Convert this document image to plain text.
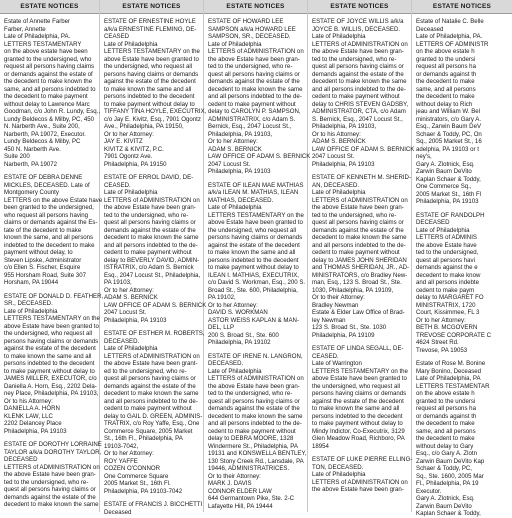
ESTATE NOTICES
Estate of Annette Farber
Farber, Annette
Late of Philadelphia, PA.
LETTERS TESTAMENTARY
on the above estate have been
granted to the undersigned, who
request all persons having claims
or demands against the estate of
the decedent to make known the
same, and all persons indebted to
the decedent to make payment
without delay to Lawrence Marc
Goodman, c/o John R. Lundy, Esq.,
Lundy Beldecos & Milby, PC, 450
N. Narberth Ave., Suite 200,
Narberth, PA 19072, Executor.
Lundy Beldecos & Milby, PC
450 N. Narberth Ave.
Suite 200
Narberth, PA 19072
ESTATE OF DEBRA DENNE
MICKLES, DECEASED. Late of
Montgomery County
LETTERS on the above Estate have
been granted to the undersigned,
who request all persons having
claims or demands against the Es-
tate of the decedent to make
known the same, and all persons
indebted to the decedent to make
payment without delay, to
Steven Lipske, Administrator
c/o Ellen S. Fischer, Esquire
955 Horsham Road, Suite 307
Horsham, PA 19044
ESTATE OF DONALD D. FEATHER,
SR., DECEASED.
Late of Philadelphia
LETTERS TESTAMENTARY on the
above Estate have been granted to
the undersigned, who request all
persons having claims or demands
against the estate of the decedent
to make known the same and all
persons indebted to the decedent
to make payment without delay to
JAMES MILLER, EXECUTOR, c/o
Daniella A. Horn, Esq., 2202 Dela-
ney Place, Philadelphia, PA 19103,
Or to his Attorney:
DANIELLA A. HORN
KLENK LAW, LLC
2202 Delancey Place
Philadelphia, PA 19103
ESTATE OF DOROTHY LORRAINE
TAYLOR a/k/a DOROTHY TAYLOR,
DECEASED
LETTERS of ADMINISTRATION on
the above Estate have been gran-
ted to the undersigned, who re-
quest all persons having claims or
demands against the estate of the
decedent to make known the same
ESTATE NOTICES
ESTATE OF ERNESTINE HOYLE
a/k/a ERNESTINE FLEMING, DE-
CEASED
Late of Philadelphia
LETTERS TESTAMENTARY on the
above Estate have been granted to
the undersigned, who request all
persons having claims or demands
against the estate of the decedent
to make known the same and all
persons indebted to the decedent
to make payment without delay to
TIFFANY TINA HOYLE, EXECUTRIX,
c/o Jay E. Kivitz, Esq., 7901 Ogontz
Ave., Philadelphia, PA 19150,
Or to her Attorney:
JAY E. KIVITZ
KIVITZ & KIVITZ, P.C.
7901 Ogontz Ave.
Philadelphia, PA 19150
ESTATE OF ERROL DAVID, DE-
CEASED.
Late of Philadelphia
LETTERS of ADMINISTRATION on
the above Estate have been gran-
ted to the undersigned, who re-
quest all persons having claims or
demands against the estate of the
decedent to make known the same
and all persons indebted to the de-
cedent to make payment without
delay to BEVERLY DAVID, ADMIN-
ISTRATRIX, c/o Adam S. Bernick
Esq., 2047 Locust St., Philadelphia,
PA 19103,
Or to her Attorney:
ADAM S. BERNICK
LAW OFFICE OF ADAM S. BERNICK
2047 Locust St.
Philadelphia, PA 19103
ESTATE OF ESTHER M. ROBERTS,
DECEASED.
Late of Philadelphia
LETTERS of ADMINISTRATION on
the above Estate have been grant-
ed to the undersigned, who re-
quest all persons having claims or
demands against the estate of the
decedent to make known the same
and all persons indebted to the de-
cedent to make payment without
delay to GAIL D. GREEN, ADMINIS-
TRATRIX, c/o Roy Yaffe, Esq., One
Commerce Square, 2005 Market
St., 16th Fl., Philadelphia, PA
19103-7042,
Or to her Attorney:
ROY YAFFE
COZEN O'CONNOR
One Commerce Square
2005 Market St., 16th Fl.
Philadelphia, PA 19103-7042
ESTATE of FRANCIS J. BICCHETTI
Deceased
ESTATE NOTICES
ESTATE OF HOWARD LEE
SAMPSON a/k/a HOWARD LEE
SAMPSON, SR., DECEASED.
Late of Philadelphia
LETTERS of ADMINISTRATION on
the above Estate have been gran-
ted to the undersigned, who re-
quest all persons having claims or
demands against the estate of the
decedent to make known the same
and all persons indebted to the de-
cedent to make payment without
delay to CAROLYN P. SAMPSON,
ADMINISTRATRIX, c/o Adam S.
Bernick, Esq., 2047 Locust St.,
Philadelphia, PA 19103,
Or to her Attorney:
ADAM S. BERNICK
LAW OFFICE OF ADAM S. BERNICK
2047 Locust St.
Philadelphia, PA 19103
ESTATE OF ILEAN MAE MATHIAS
a/k/a ILEAN M. MATHIAS, ILEAN
MATHIAS, DECEASED.
Late of Philadelphia
LETTERS TESTAMENTARY on the
above Estate have been granted to
the undersigned, who request all
persons having claims or demands
against the estate of the decedent
to make known the same and all
persons indebted to the decedent
to make payment without delay to
ILEAN I. MATHIAS, EXECUTRIX,
c/o David S. Workman, Esq., 200 S.
Broad St., Ste. 600, Philadelphia,
PA 19102,
Or to her Attorney:
DAVID S. WORKMAN
ASTOR WEISS KAPLAN & MAN-
DEL, LLP
200 S. Broad St., Ste. 600
Philadelphia, PA 19102
ESTATE OF IRENE N. LANGRON,
DECEASED.
Late of Philadelphia
LETTERS of ADMINISTRATION on
the above Estate have been gran-
ted to the undersigned, who re-
quest all persons having claims or
demands against the estate of the
decedent to make known the same
and all persons indebted to the de-
cedent to make payment without
delay to DEBRA MOORE, 1328
Windermere St., Philadelphia, PA
19131 and KONSWELLA BENTLEY,
130 Stony Creek Rd., Lansdale, PA
19446, ADMINISTRATRICES.
Or to their Attorney:
MARK J. DAVIS
CONNOR ELDER LAW
644 Germantown Pike, Ste. 2-C
Lafayette Hill, PA 19444
ESTATE NOTICES
ESTATE OF JOYCE WILLIS a/k/a
JOYCE B. WILLIS, DECEASED.
Late of Philadelphia
LETTERS of ADMINISTRATION on
the above Estate have been gran-
ted to the undersigned, who re-
quest all persons having claims or
demands against the estate of the
decedent to make known the same
and all persons indebted to the de-
cedent to make payment without
delay to CHRIS STEVEN GADSBY,
ADMINISTRATOR, CTA, c/o Adam
S. Bernick, Esq., 2047 Locust St.,
Philadelphia, PA 19103,
Or to his Attorney:
ADAM S. BERNICK
LAW OFFICE OF ADAM S. BERNICK
2047 Locust St.
Philadelphia, PA 19103
ESTATE OF KENNETH M. SHERID-
AN, DECEASED.
Late of Philadelphia
LETTERS of ADMINISTRATION on
the above Estate have been gran-
ted to the undersigned, who re-
quest all persons having claims or
demands against the estate of the
decedent to make known the same
and all persons indebted to the de-
cedent to make payment without
delay to JAMES JOHN SHERIDAN
and THOMAS SHERIDAN, JR., AD-
MINISTRATORS, c/o Bradley New-
man, Esq., 123 S. Broad St., Ste.
1030, Philadelphia, PA 19109,
Or to their Attorney:
Bradley Newman
Estate & Elder Law Office of Brad-
ley Newman
123 S. Broad St., Ste. 1030
Philadelphia, PA 19109
ESTATE OF LINDA SEGALL, DE-
CEASED.
Late of Warrington
LETTERS TESTAMENTARY on the
above Estate have been granted to
the undersigned, who request all
persons having claims or demands
against the estate of the decedent
to make known the same and all
persons indebted to the decedent
to make payment without delay to
Mindy Indictor, Co-Executrix, 3129
Glen Meadow Road, Richboro, PA
18954
ESTATE OF LUKE PIERRE ELLING-
TON, DECEASED.
Late of Philadelphia
LETTERS of ADMINISTRATION on
the above Estate have been gran-
ESTATE NOTICES
Estate of Natalie C. Belle
Deceased
Late of Philadelphia, PA.
LETTERS OF ADMINISTR
on the above estate h
granted to the undersi
request all persons ha
or demands against th
the decedent to make
same, and all persons
the decedent to make
without delay to Rich
jeau and William W. Bel
ministrators, c/o Gary A.
Esq., Zarwin Baum DeV
Schaer & Toddy, PC, On
Sq., 2005 Market St., 16
adelphia, PA 19103 or t
ney's,
Gary A. Zlotnick, Esq.
Zarwin Baum DeVito
Kaplan Schaer & Toddy,
One Commerce Sq.,
2005 Market St., 16th Fl
Philadelphia, PA 19103
ESTATE OF RANDOLPH
DECEASED
Late of Philadelphia
LETTERS of ADMINIS
the above Estate have
ted to the undersigned,
quest all persons havi
demands against the e
decedent to make know
and all persons indebte
cedent to make paym
delay to MARGARET FO
MINISTRATRIX, 1720
Court, Kissimmee, FL 3
Or to her Attorney:
BETH B. MCGOVERN
TREVOSE CORPORATE C
4624 Street Rd.
Trevose, PA 19053
Estate of Rose M. Bonine
Mary Bonino, Deceased
Late of Philadelphia, PA
LETTERS TESTAMENTAR
on the above estate h
granted to the undersi
request all persons ha
or demands against th
the decedent to make
same, and all persons
the decedent to make
without delay to Gary
Esq., c/o Gary A. Zlotn
Zarwin Baum DeVito Kap
Schaer & Toddy, PC,
Sq., Ste. 1600, 2005 Mar
Fl., Philadelphia, PA 19
Executor.
Gary A. Zlotnick, Esq.
Zarwin Baum DeVito
Kaplan Schaer & Toddy,
